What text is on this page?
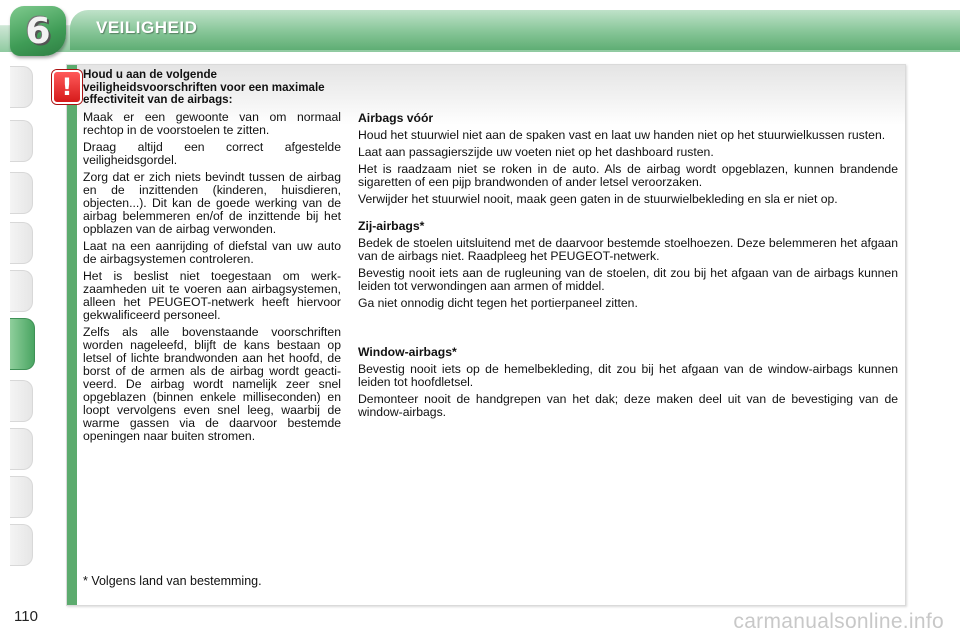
6	VEILIGHEID
! Houd u aan de volgende veiligheidsvoorschriften voor een maximale effectiviteit van de airbags:

Maak er een gewoonte van om normaal rechtop in de voorstoelen te zitten.

Draag altijd een correct afgestelde veiligheidsgordel.

Zorg dat er zich niets bevindt tussen de airbag en de inzittenden (kinderen, huisdieren, objecten...). Dit kan de goede werking van de airbag belemmeren en/of de inzittende bij het opblazen van de airbag verwonden.

Laat na een aanrijding of diefstal van uw auto de airbagsystemen controleren.

Het is beslist niet toegestaan om werkzaamheden uit te voeren aan airbagsystemen, alleen het PEUGEOT-netwerk heeft hiervoor gekwalificeerd personeel.

Zelfs als alle bovenstaande voorschriften worden nageleefd, blijft de kans bestaan op letsel of lichte brandwonden aan het hoofd, de borst of de armen als de airbag wordt geactiveerd. De airbag wordt namelijk zeer snel opgeblazen (binnen enkele milliseconden) en loopt vervolgens even snel leeg, waarbij de warme gassen via de daarvoor bestemde openingen naar buiten stromen.

Airbags vóór

Houd het stuurwiel niet aan de spaken vast en laat uw handen niet op het stuurwielkussen rusten.

Laat aan passagierszijde uw voeten niet op het dashboard rusten.

Het is raadzaam niet se roken in de auto. Als de airbag wordt opgeblazen, kunnen brandende sigaretten of een pijp brandwonden of ander letsel veroorzaken.

Verwijder het stuurwiel nooit, maak geen gaten in de stuurwielbekleding en sla er niet op.

Zij-airbags*

Bedek de stoelen uitsluitend met de daarvoor bestemde stoelhoezen. Deze belemmeren het afgaan van de airbags niet. Raadpleeg het PEUGEOT-netwerk.

Bevestig nooit iets aan de rugleuning van de stoelen, dit zou bij het afgaan van de airbags kunnen leiden tot verwondingen aan armen of middel.

Ga niet onnodig dicht tegen het portierpaneel zitten.

Window-airbags*

Bevestig nooit iets op de hemelbekleding, dit zou bij het afgaan van de window-airbags kunnen leiden tot hoofdletsel.

Demonteer nooit de handgrepen van het dak; deze maken deel uit van de bevestiging van de window-airbags.

* Volgens land van bestemming.
110	carmanualsonline.info
